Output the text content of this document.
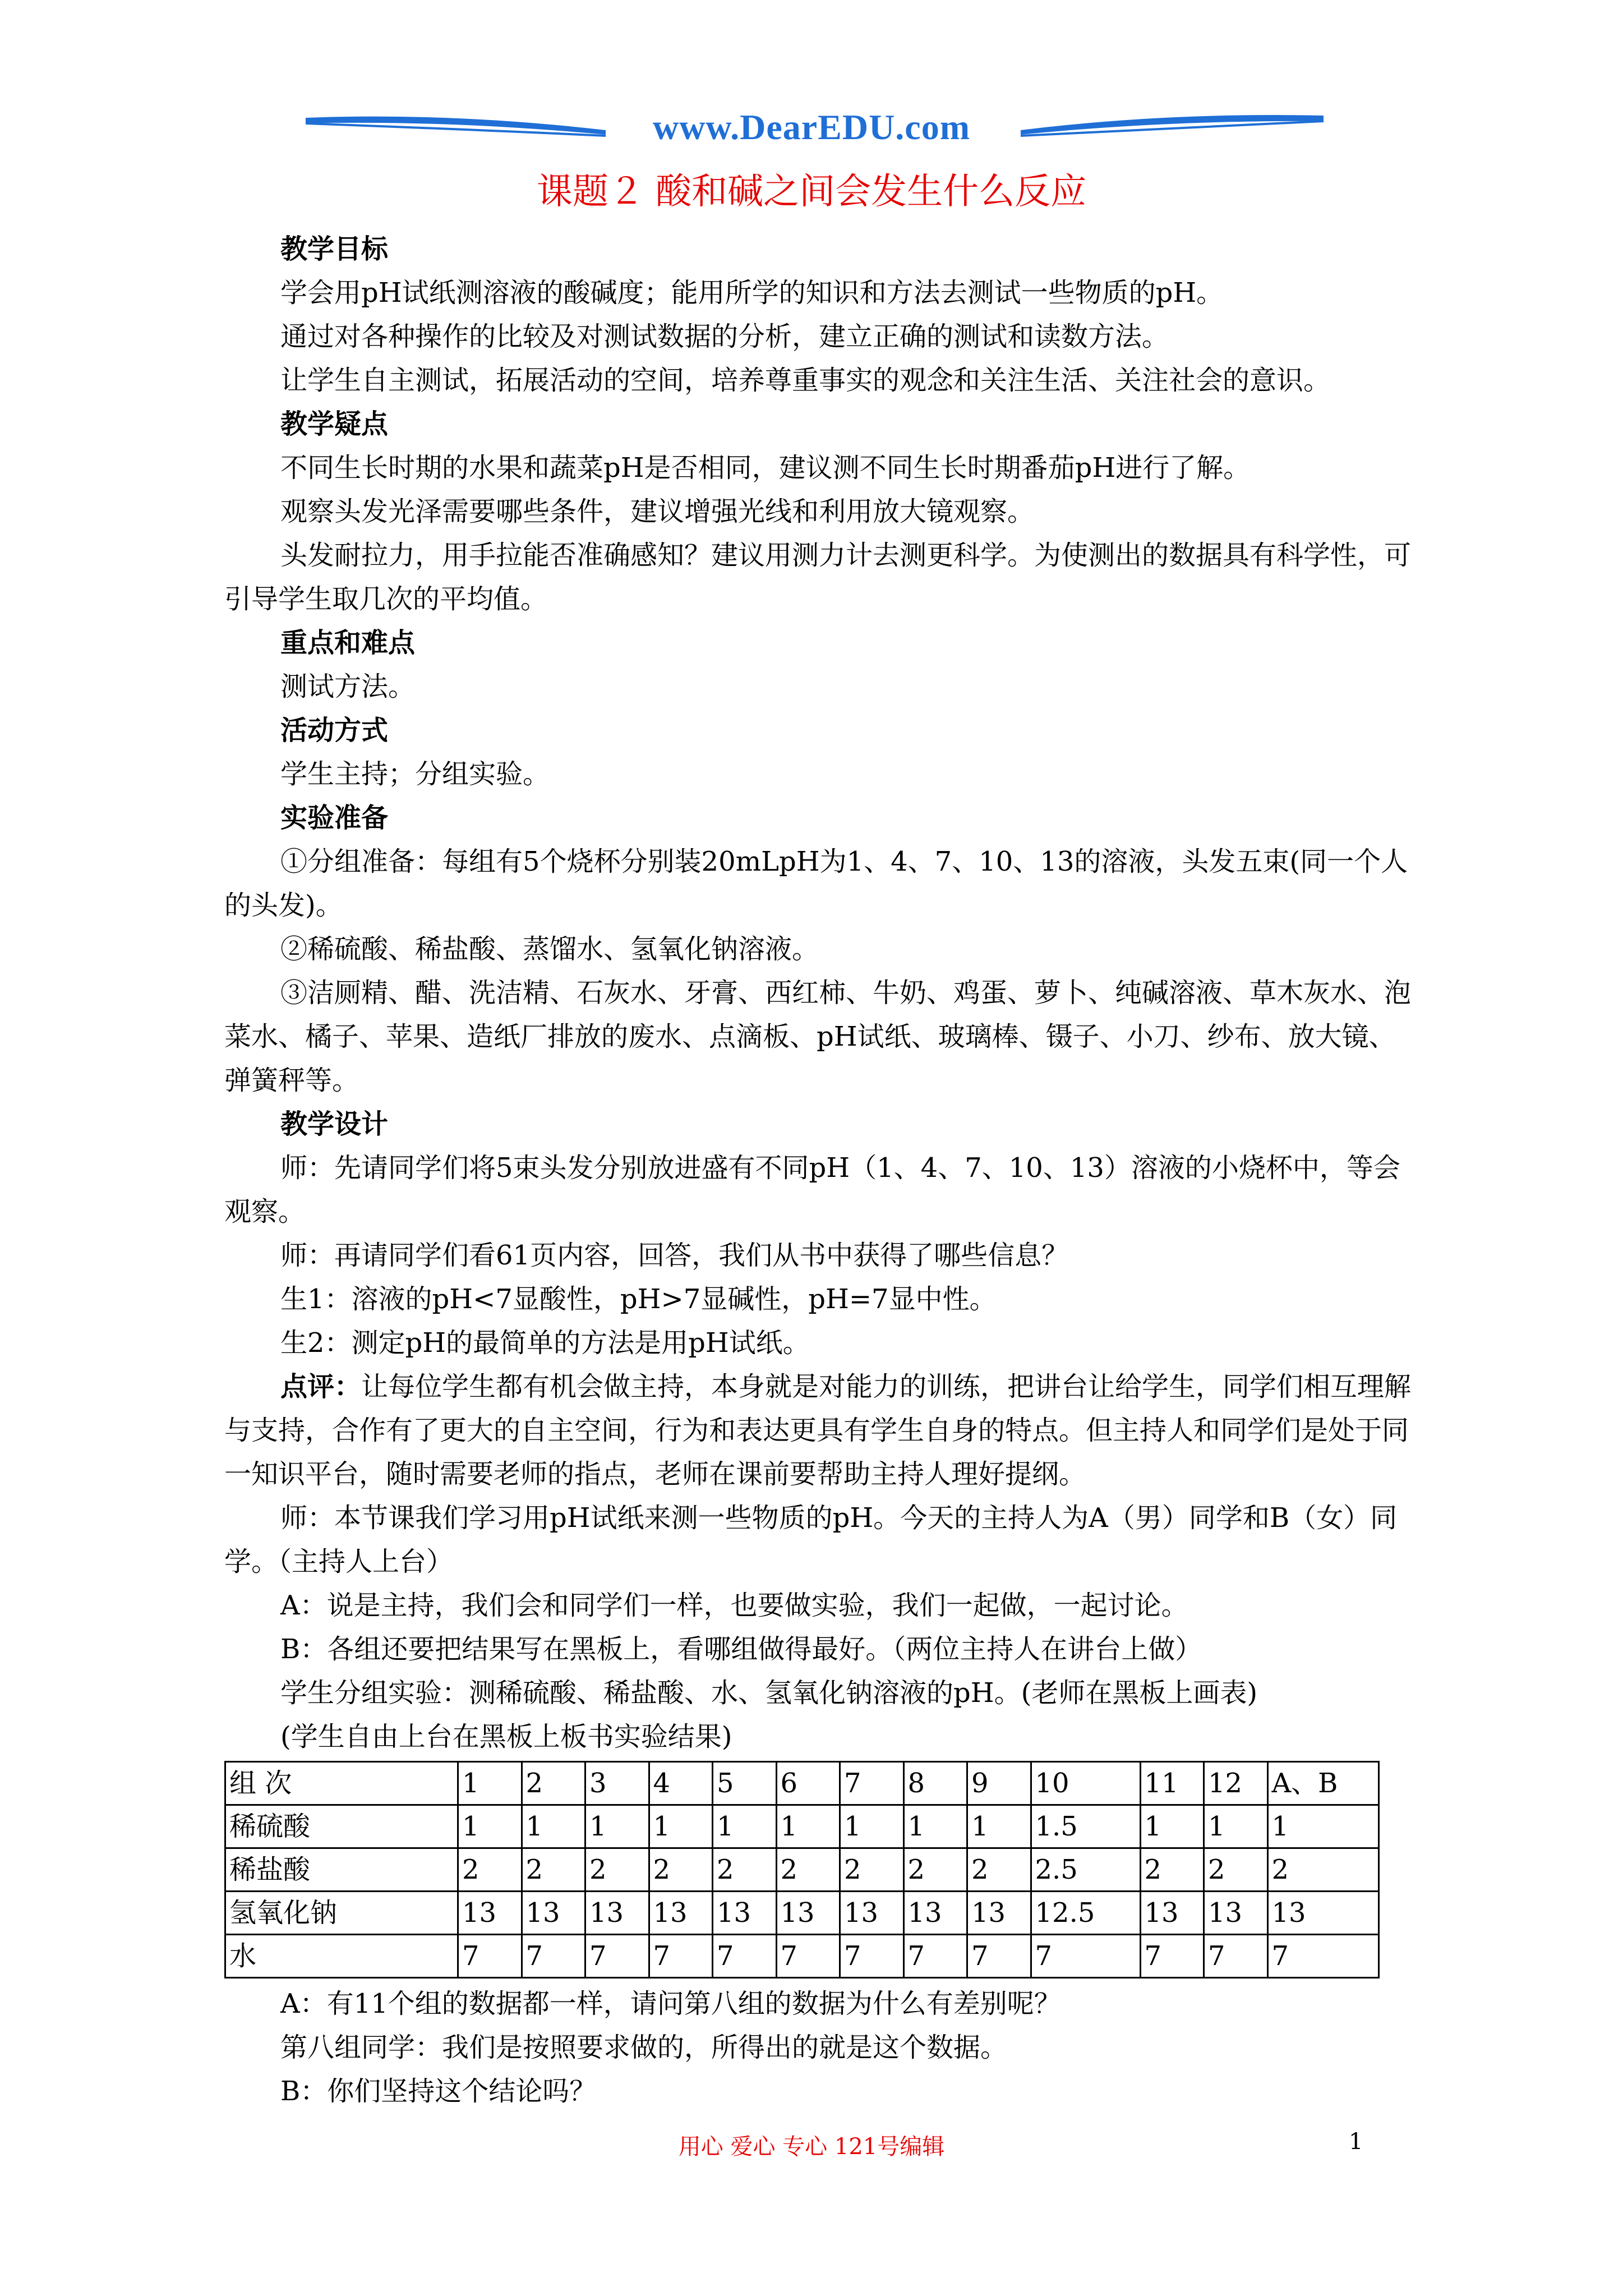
www.DearEDU.com
课题２ 酸和碱之间会发生什么反应

教学目标

学会用pH试纸测溶液的酸碱度；能用所学的知识和方法去测试一些物质的pH。

通过对各种操作的比较及对测试数据的分析，建立正确的测试和读数方法。

让学生自主测试，拓展活动的空间，培养尊重事实的观念和关注生活、关注社会的意识。

教学疑点

不同生长时期的水果和蔬菜pH是否相同，建议测不同生长时期番茄pH进行了解。

观察头发光泽需要哪些条件，建议增强光线和利用放大镜观察。

头发耐拉力，用手拉能否准确感知？建议用测力计去测更科学。为使测出的数据具有科学性，可引导学生取几次的平均值。

重点和难点

测试方法。

活动方式

学生主持；分组实验。

实验准备

①分组准备：每组有5个烧杯分别装20mLpH为1、4、7、10、13的溶液，头发五束(同一个人的头发)。

②稀硫酸、稀盐酸、蒸馏水、氢氧化钠溶液。

③洁厕精、醋、洗洁精、石灰水、牙膏、西红柿、牛奶、鸡蛋、萝卜、纯碱溶液、草木灰水、泡菜水、橘子、苹果、造纸厂排放的废水、点滴板、pH试纸、玻璃棒、镊子、小刀、纱布、放大镜、弹簧秤等。

教学设计

师：先请同学们将5束头发分别放进盛有不同pH（1、4、7、10、13）溶液的小烧杯中，等会观察。

师：再请同学们看61页内容，回答，我们从书中获得了哪些信息？

生1：溶液的pH<7显酸性，pH>7显碱性，pH=7显中性。

生2：测定pH的最简单的方法是用pH试纸。

点评：让每位学生都有机会做主持，本身就是对能力的训练，把讲台让给学生，同学们相互理解与支持，合作有了更大的自主空间，行为和表达更具有学生自身的特点。但主持人和同学们是处于同一知识平台，随时需要老师的指点，老师在课前要帮助主持人理好提纲。

师：本节课我们学习用pH试纸来测一些物质的pH。今天的主持人为A（男）同学和B（女）同学。（主持人上台）

A：说是主持，我们会和同学们一样，也要做实验，我们一起做，一起讨论。

B：各组还要把结果写在黑板上，看哪组做得最好。（两位主持人在讲台上做）

学生分组实验：测稀硫酸、稀盐酸、水、氢氧化钠溶液的pH。(老师在黑板上画表)

(学生自由上台在黑板上板书实验结果)

组 次	1	2	3	4	5	6	7	8	9	10	11	12	A、B
稀硫酸	1	1	1	1	1	1	1	1	1	1.5	1	1	1
稀盐酸	2	2	2	2	2	2	2	2	2	2.5	2	2	2
氢氧化钠	13	13	13	13	13	13	13	13	13	12.5	13	13	13
水	7	7	7	7	7	7	7	7	7	7	7	7	7

A：有11个组的数据都一样，请问第八组的数据为什么有差别呢？

第八组同学：我们是按照要求做的，所得出的就是这个数据。

B：你们坚持这个结论吗？

用心 爱心 专心 121号编辑	1
